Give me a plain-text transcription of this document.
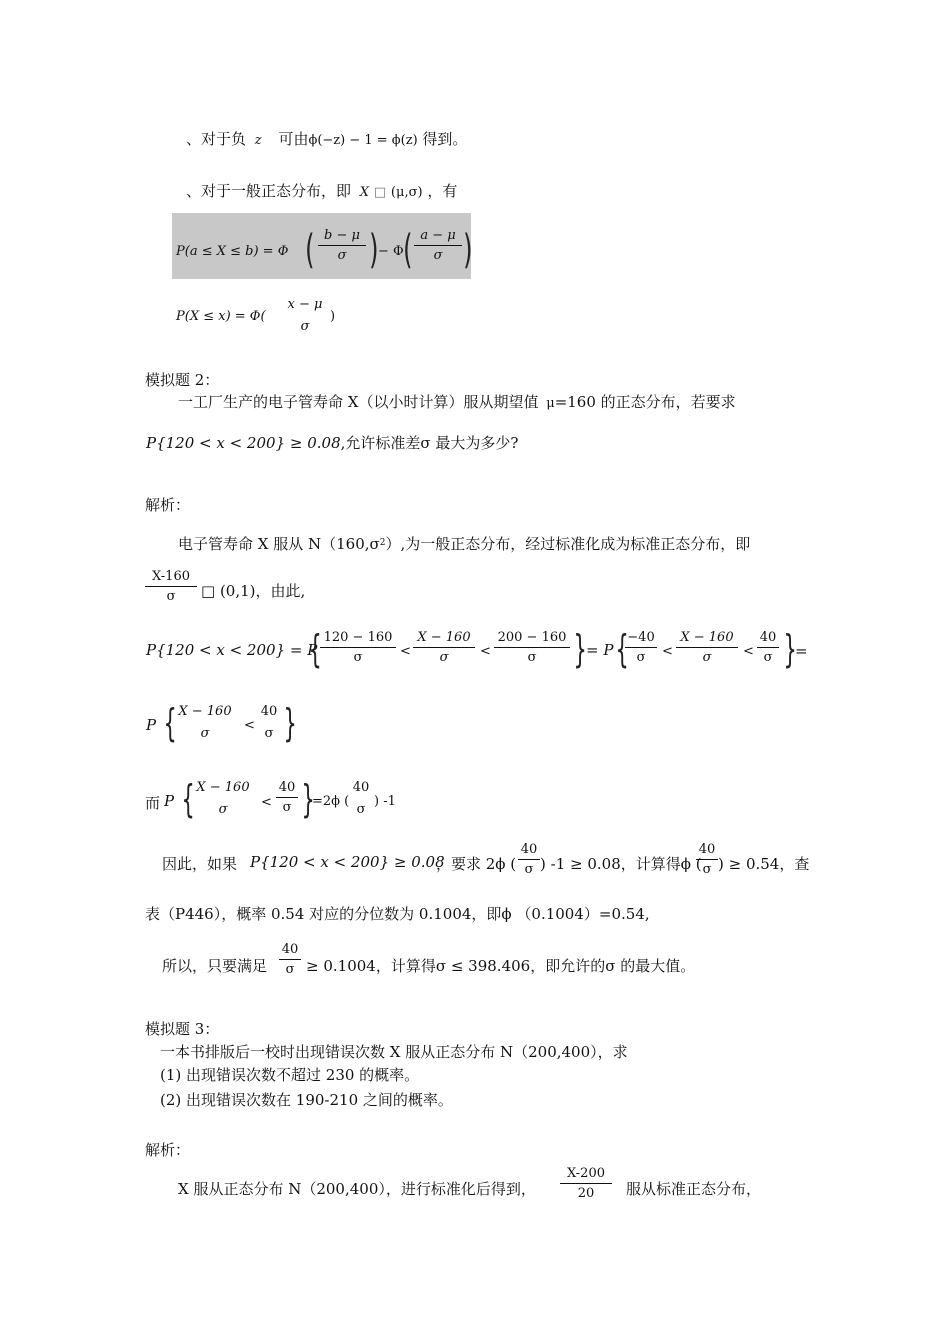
、对于负 z 可由ϕ(−z) − 1 = ϕ(z) 得到。
、对于一般正态分布，即 X □ (μ,σ) ，有
P(a ≤ X ≤ b) = Φ ( b − μ
σ ) − Φ ( a − μ
σ )
P(X ≤ x) = Φ(
x − μ
σ
)
模拟题 2：
一工厂生产的电子管寿命 X（以小时计算）服从期望值 μ=160 的正态分布，若要求
P{120 < x < 200} ≥ 0.08,允许标准差σ 最大为多少?
解析：
电子管寿命 X 服从 $N(160,\sigma^2)$,为一般正态分布，经过标准化成为标准正态分布，即
X-160
σ	□ (0,1)，由此,
P{120 < x < 200} = P
{ 120 − 160
σ	<
X − 160
σ	<
200 − 160
σ } = P {
−40
σ	<
X − 160
σ	<
40
σ }
=
P { X − 160
σ
<
40
σ }
而 P { X − 160
σ	<
40
σ }
=2ϕ (
40
σ
) -1
因此，如果 P{120 < x < 200} ≥ 0.08
，要求 2ϕ (
40
σ ) -1 ≥ 0.08，计算得ϕ (
40
σ ) ≥ 0.54，查
表（P446），概率 0.54 对应的分位数为 0.1004，即ϕ （0.1004）=0.54,
所以，只要满足
40
σ ≥ 0.1004，计算得σ ≤ 398.406，即允许的σ 的最大值。
模拟题 3：
一本书排版后一校时出现错误次数 X 服从正态分布 N（200,400），求
(1) 出现错误次数不超过 230 的概率。
(2) 出现错误次数在 190-210 之间的概率。
解析：
X 服从正态分布 N（200,400），进行标准化后得到，
X-200
20	服从标准正态分布，
